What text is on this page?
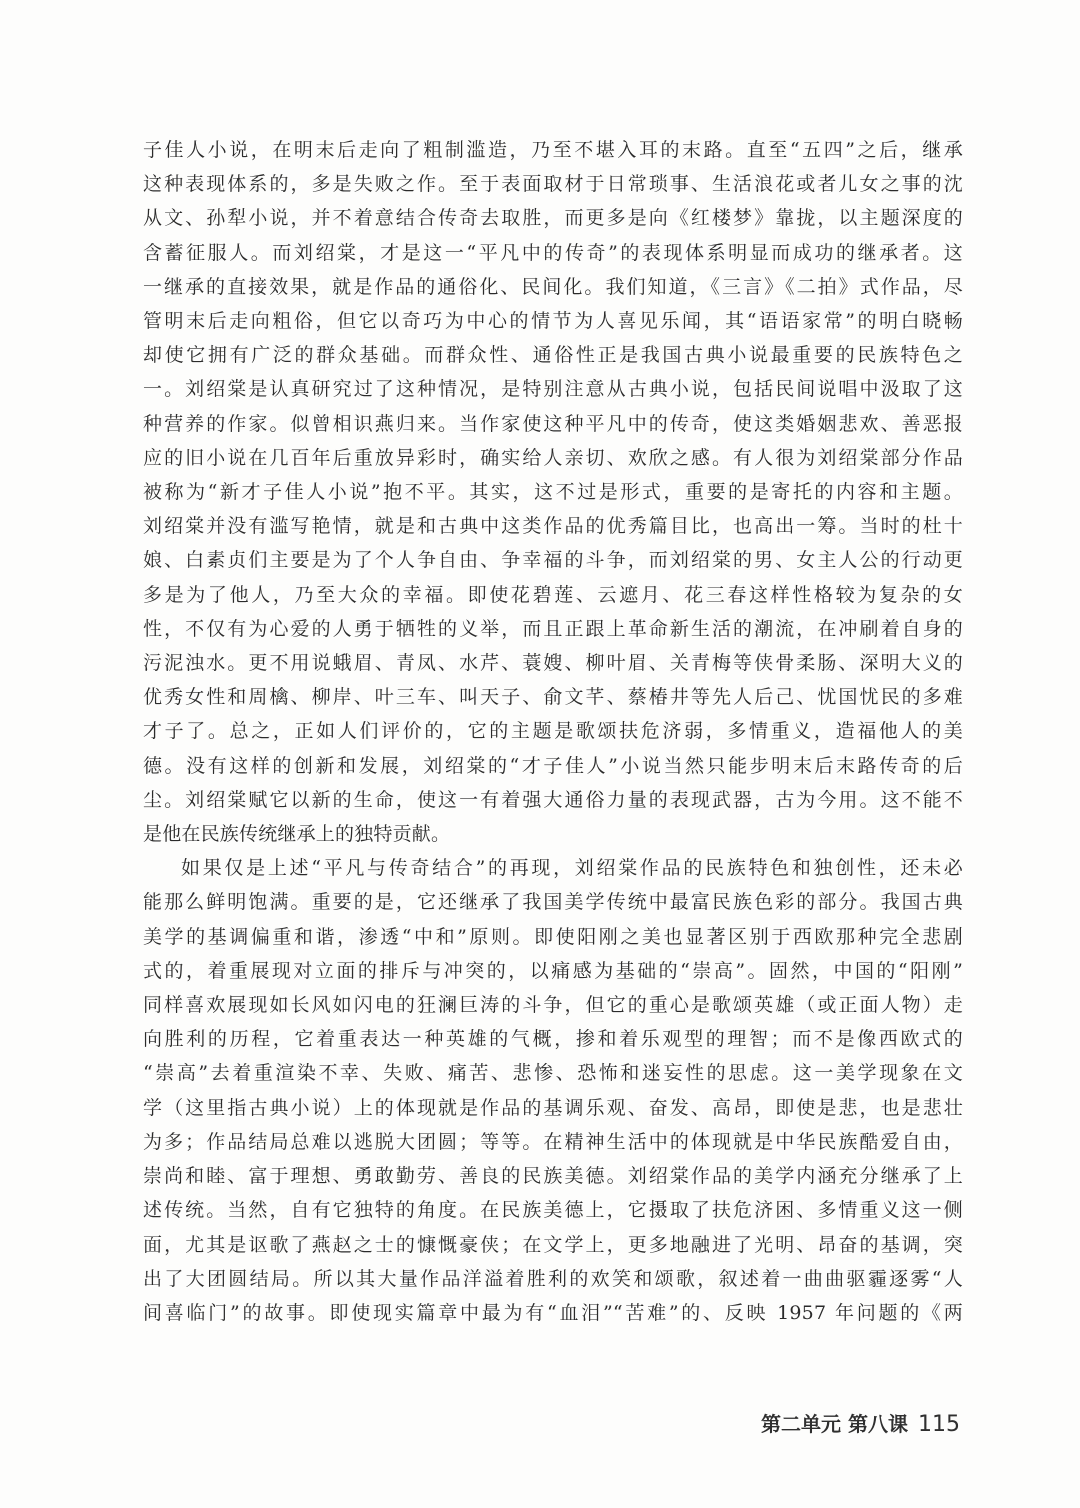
子佳人小说，在明末后走向了粗制滥造，乃至不堪入耳的末路。直至“五四”之后，继承
这种表现体系的，多是失败之作。至于表面取材于日常琐事、生活浪花或者儿女之事的沈
从文、孙犁小说，并不着意结合传奇去取胜，而更多是向《红楼梦》靠拢，以主题深度的
含蓄征服人。而刘绍棠，才是这一“平凡中的传奇”的表现体系明显而成功的继承者。这
一继承的直接效果，就是作品的通俗化、民间化。我们知道，《三言》《二拍》式作品，尽
管明末后走向粗俗，但它以奇巧为中心的情节为人喜见乐闻，其“语语家常”的明白晓畅
却使它拥有广泛的群众基础。而群众性、通俗性正是我国古典小说最重要的民族特色之
一。刘绍棠是认真研究过了这种情况，是特别注意从古典小说，包括民间说唱中汲取了这
种营养的作家。似曾相识燕归来。当作家使这种平凡中的传奇，使这类婚姻悲欢、善恶报
应的旧小说在几百年后重放异彩时，确实给人亲切、欢欣之感。有人很为刘绍棠部分作品
被称为“新才子佳人小说”抱不平。其实，这不过是形式，重要的是寄托的内容和主题。
刘绍棠并没有滥写艳情，就是和古典中这类作品的优秀篇目比，也高出一筹。当时的杜十
娘、白素贞们主要是为了个人争自由、争幸福的斗争，而刘绍棠的男、女主人公的行动更
多是为了他人，乃至大众的幸福。即使花碧莲、云遮月、花三春这样性格较为复杂的女
性，不仅有为心爱的人勇于牺牲的义举，而且正跟上革命新生活的潮流，在冲刷着自身的
污泥浊水。更不用说蛾眉、青凤、水芹、蓑嫂、柳叶眉、关青梅等侠骨柔肠、深明大义的
优秀女性和周檎、柳岸、叶三车、叫天子、俞文芊、蔡椿井等先人后己、忧国忧民的多难
才子了。总之，正如人们评价的，它的主题是歌颂扶危济弱，多情重义，造福他人的美
德。没有这样的创新和发展，刘绍棠的“才子佳人”小说当然只能步明末后末路传奇的后
尘。刘绍棠赋它以新的生命，使这一有着强大通俗力量的表现武器，古为今用。这不能不
是他在民族传统继承上的独特贡献。
如果仅是上述“平凡与传奇结合”的再现，刘绍棠作品的民族特色和独创性，还未必
能那么鲜明饱满。重要的是，它还继承了我国美学传统中最富民族色彩的部分。我国古典
美学的基调偏重和谐，渗透“中和”原则。即使阳刚之美也显著区别于西欧那种完全悲剧
式的，着重展现对立面的排斥与冲突的，以痛感为基础的“崇高”。固然，中国的“阳刚”
同样喜欢展现如长风如闪电的狂澜巨涛的斗争，但它的重心是歌颂英雄（或正面人物）走
向胜利的历程，它着重表达一种英雄的气概，掺和着乐观型的理智；而不是像西欧式的
“崇高”去着重渲染不幸、失败、痛苦、悲惨、恐怖和迷妄性的思虑。这一美学现象在文
学（这里指古典小说）上的体现就是作品的基调乐观、奋发、高昂，即使是悲，也是悲壮
为多；作品结局总难以逃脱大团圆；等等。在精神生活中的体现就是中华民族酷爱自由，
崇尚和睦、富于理想、勇敢勤劳、善良的民族美德。刘绍棠作品的美学内涵充分继承了上
述传统。当然，自有它独特的角度。在民族美德上，它摄取了扶危济困、多情重义这一侧
面，尤其是讴歌了燕赵之士的慷慨豪侠；在文学上，更多地融进了光明、昂奋的基调，突
出了大团圆结局。所以其大量作品洋溢着胜利的欢笑和颂歌，叙述着一曲曲驱霾逐雾“人
间喜临门”的故事。即使现实篇章中最为有“血泪”“苦难”的、反映 1957 年问题的《两
第二单元 第八课 115
